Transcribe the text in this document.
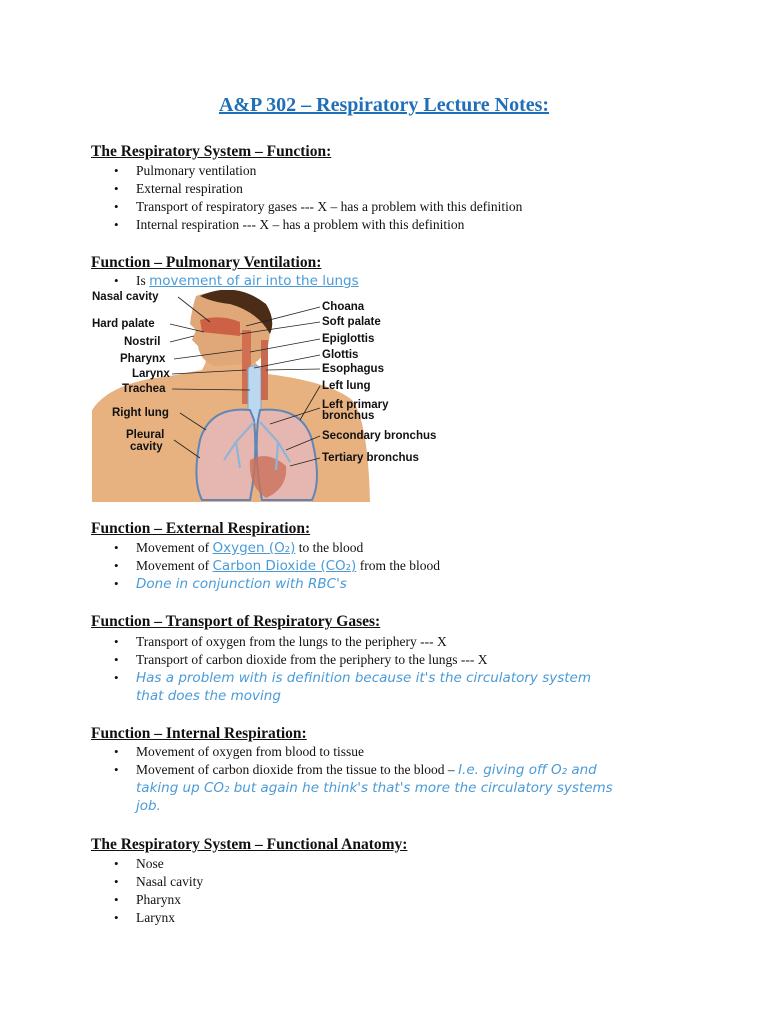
A&P 302 – Respiratory Lecture Notes:
The Respiratory System – Function:
• Pulmonary ventilation
• External respiration
• Transport of respiratory gases --- X – has a problem with this definition
• Internal respiration --- X – has a problem with this definition
Function – Pulmonary Ventilation:
• Is movement of air into the lungs
Nasal cavity
Hard palate
Nostril
Pharynx
Larynx
Trachea
Right lung
Pleural
cavity
Choana
Soft palate
Epiglottis
Glottis
Esophagus
Left lung
Left primary
bronchus
Secondary bronchus
Tertiary bronchus
Function – External Respiration:
• Movement of Oxygen (O₂) to the blood
• Movement of Carbon Dioxide (CO₂) from the blood
• Done in conjunction with RBC's
Function – Transport of Respiratory Gases:
• Transport of oxygen from the lungs to the periphery --- X
• Transport of carbon dioxide from the periphery to the lungs --- X
• Has a problem with is definition because it's the circulatory system
that does the moving
Function – Internal Respiration:
• Movement of oxygen from blood to tissue
• Movement of carbon dioxide from the tissue to the blood – I.e. giving off O₂ and
taking up CO₂ but again he think's that's more the circulatory systems
job.
The Respiratory System – Functional Anatomy:
• Nose
• Nasal cavity
• Pharynx
• Larynx
